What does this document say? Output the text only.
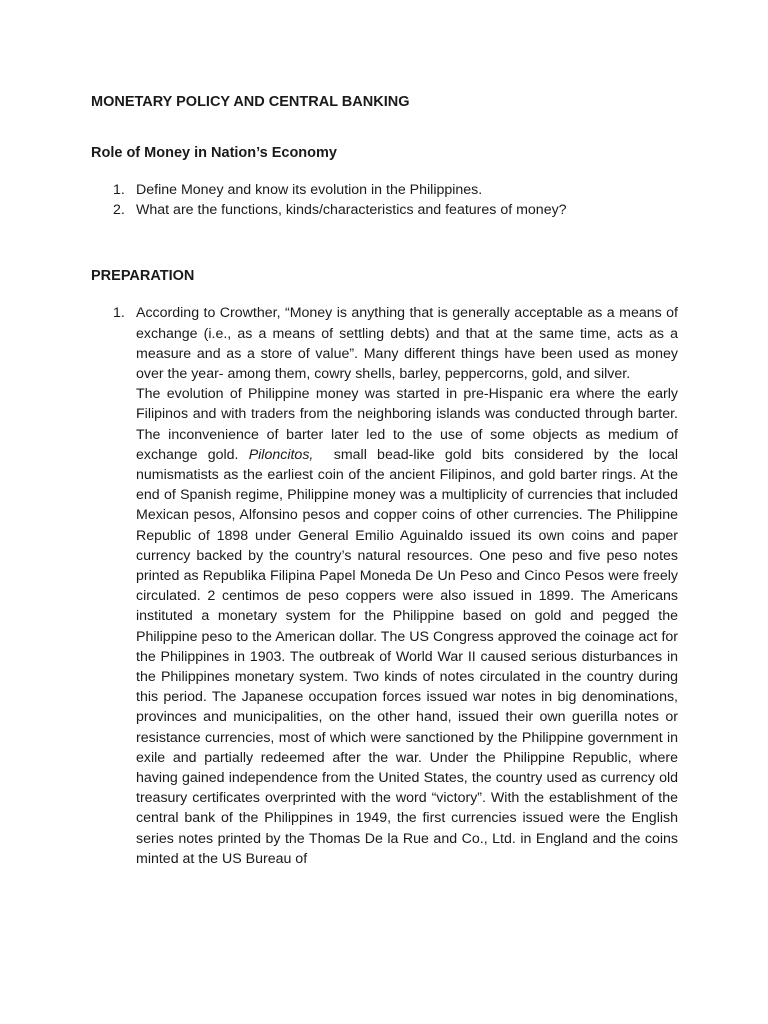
MONETARY POLICY AND CENTRAL BANKING
Role of Money in Nation’s Economy
1. Define Money and know its evolution in the Philippines.
2. What are the functions, kinds/characteristics and features of money?
PREPARATION
1. According to Crowther, “Money is anything that is generally acceptable as a means of exchange (i.e., as a means of settling debts) and that at the same time, acts as a measure and as a store of value”. Many different things have been used as money over the year- among them, cowry shells, barley, peppercorns, gold, and silver.

The evolution of Philippine money was started in pre-Hispanic era where the early Filipinos and with traders from the neighboring islands was conducted through barter. The inconvenience of barter later led to the use of some objects as medium of exchange gold. Piloncitos,  small bead-like gold bits considered by the local numismatists as the earliest coin of the ancient Filipinos, and gold barter rings. At the end of Spanish regime, Philippine money was a multiplicity of currencies that included Mexican pesos, Alfonsino pesos and copper coins of other currencies. The Philippine Republic of 1898 under General Emilio Aguinaldo issued its own coins and paper currency backed by the country’s natural resources. One peso and five peso notes printed as Republika Filipina Papel Moneda De Un Peso and Cinco Pesos were freely circulated. 2 centimos de peso coppers were also issued in 1899. The Americans instituted a monetary system for the Philippine based on gold and pegged the Philippine peso to the American dollar. The US Congress approved the coinage act for the Philippines in 1903. The outbreak of World War II caused serious disturbances in the Philippines monetary system. Two kinds of notes circulated in the country during this period. The Japanese occupation forces issued war notes in big denominations, provinces and municipalities, on the other hand, issued their own guerilla notes or resistance currencies, most of which were sanctioned by the Philippine government in exile and partially redeemed after the war. Under the Philippine Republic, where having gained independence from the United States, the country used as currency old treasury certificates overprinted with the word “victory”. With the establishment of the central bank of the Philippines in 1949, the first currencies issued were the English series notes printed by the Thomas De la Rue and Co., Ltd. in England and the coins minted at the US Bureau of
